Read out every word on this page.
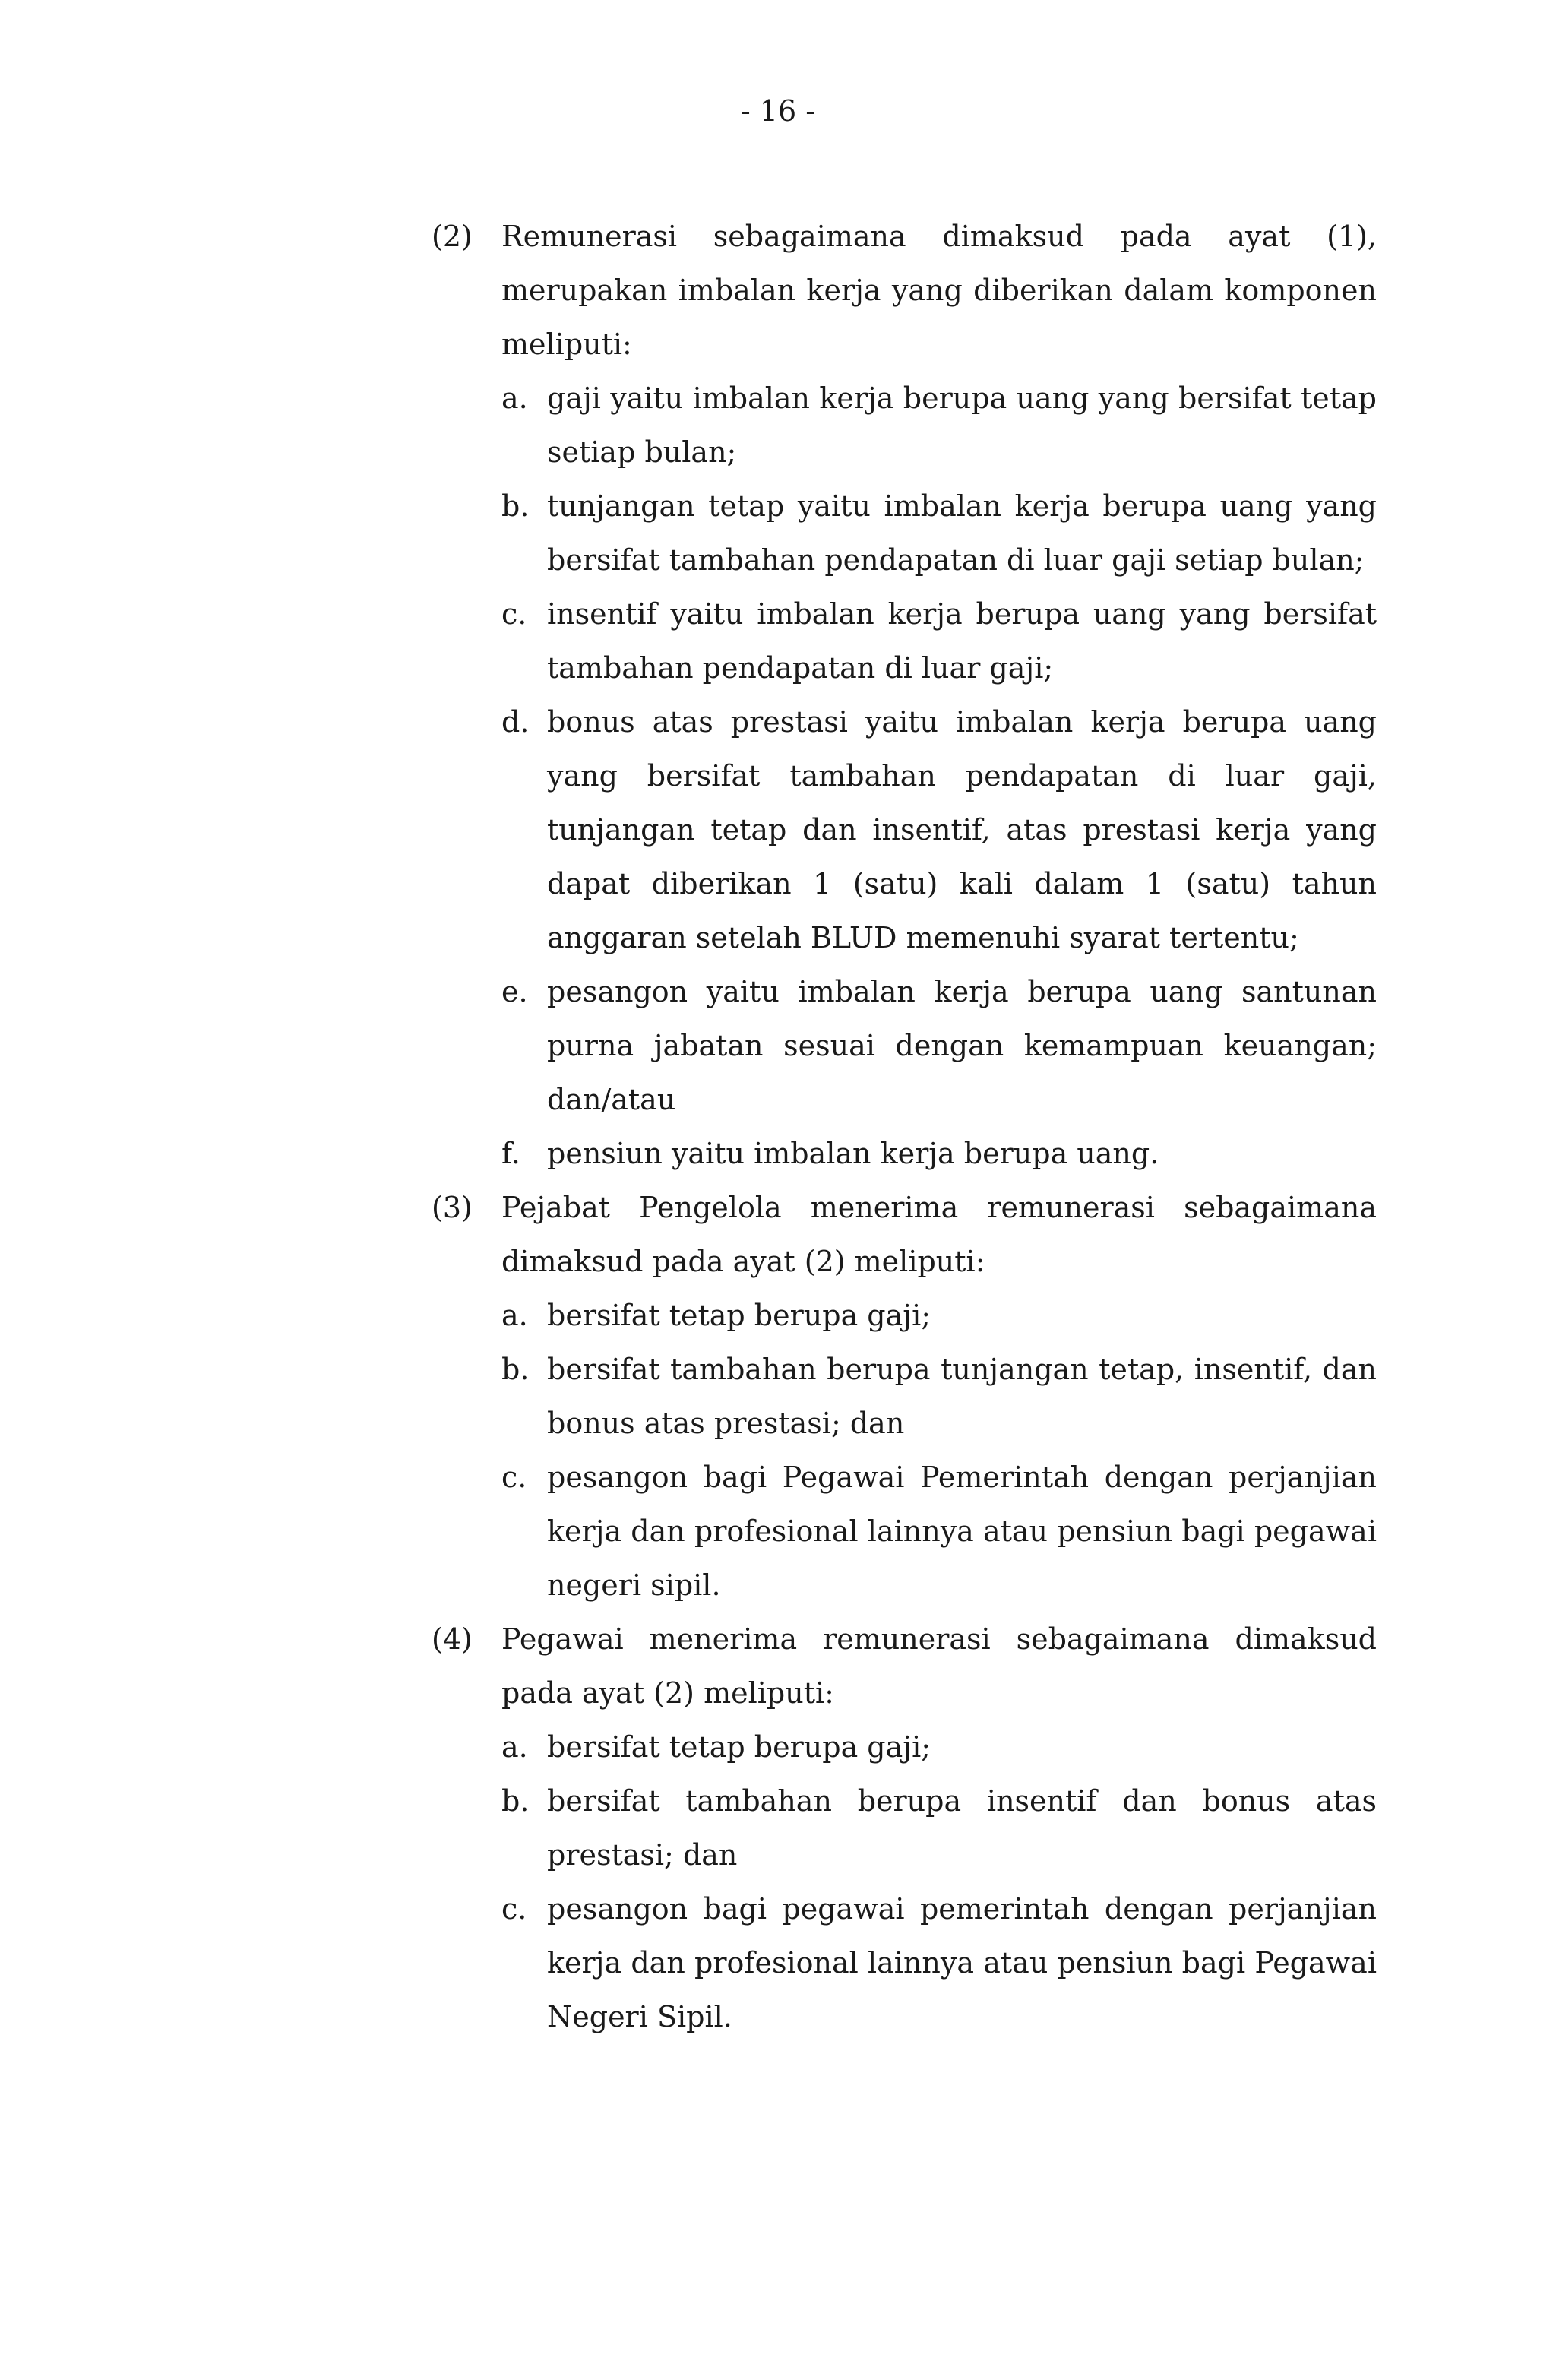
- 16 -
(2) Remunerasi sebagaimana dimaksud pada ayat (1), merupakan imbalan kerja yang diberikan dalam komponen meliputi:
a. gaji yaitu imbalan kerja berupa uang yang bersifat tetap setiap bulan;
b. tunjangan tetap yaitu imbalan kerja berupa uang yang bersifat tambahan pendapatan di luar gaji setiap bulan;
c. insentif yaitu imbalan kerja berupa uang yang bersifat tambahan pendapatan di luar gaji;
d. bonus atas prestasi yaitu imbalan kerja berupa uang yang bersifat tambahan pendapatan di luar gaji, tunjangan tetap dan insentif, atas prestasi kerja yang dapat diberikan 1 (satu) kali dalam 1 (satu) tahun anggaran setelah BLUD memenuhi syarat tertentu;
e. pesangon yaitu imbalan kerja berupa uang santunan purna jabatan sesuai dengan kemampuan keuangan; dan/atau
f. pensiun yaitu imbalan kerja berupa uang.
(3) Pejabat Pengelola menerima remunerasi sebagaimana dimaksud pada ayat (2) meliputi:
a. bersifat tetap berupa gaji;
b. bersifat tambahan berupa tunjangan tetap, insentif, dan bonus atas prestasi; dan
c. pesangon bagi Pegawai Pemerintah dengan perjanjian kerja dan profesional lainnya atau pensiun bagi pegawai negeri sipil.
(4) Pegawai menerima remunerasi sebagaimana dimaksud pada ayat (2) meliputi:
a. bersifat tetap berupa gaji;
b. bersifat tambahan berupa insentif dan bonus atas prestasi; dan
c. pesangon bagi pegawai pemerintah dengan perjanjian kerja dan profesional lainnya atau pensiun bagi Pegawai Negeri Sipil.
